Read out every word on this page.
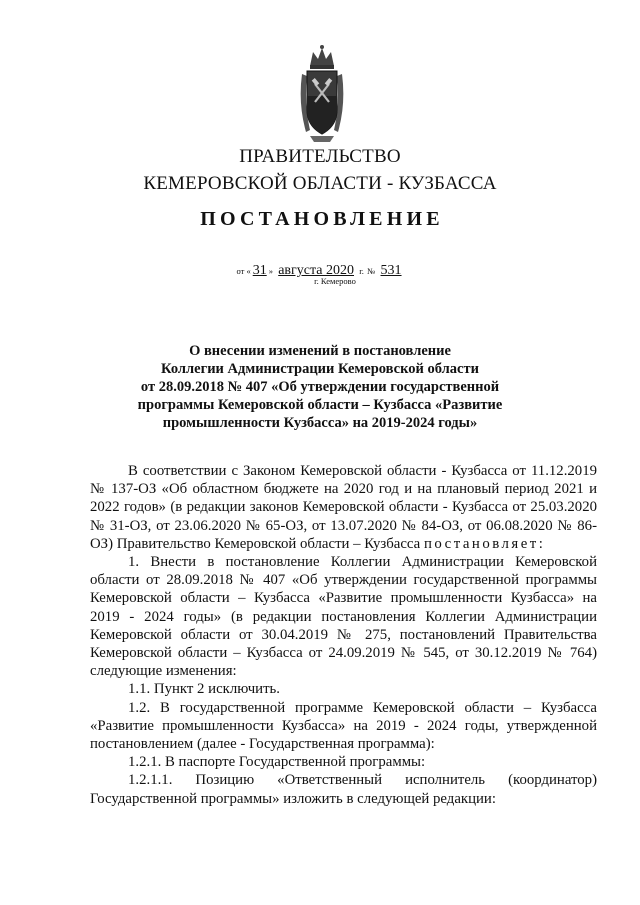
ПРАВИТЕЛЬСТВО
КЕМЕРОВСКОЙ ОБЛАСТИ - КУЗБАССА
ПОСТАНОВЛЕНИЕ
от « 31 » августа 2020 г. № 531
г. Кемерово
О внесении изменений в постановление
Коллегии Администрации Кемеровской области
от 28.09.2018 № 407 «Об утверждении государственной
программы Кемеровской области – Кузбасса «Развитие
промышленности Кузбасса» на 2019-2024 годы»

В соответствии с Законом Кемеровской области - Кузбасса от 11.12.2019 № 137-ОЗ «Об областном бюджете на 2020 год и на плановый период 2021 и 2022 годов» (в редакции законов Кемеровской области - Кузбасса от 25.03.2020 № 31-ОЗ, от 23.06.2020 № 65-ОЗ, от 13.07.2020 № 84-ОЗ, от 06.08.2020 № 86-ОЗ) Правительство Кемеровской области – Кузбасса постановляет:

1. Внести в постановление Коллегии Администрации Кемеровской области от 28.09.2018 № 407 «Об утверждении государственной программы Кемеровской области – Кузбасса «Развитие промышленности Кузбасса» на 2019 - 2024 годы» (в редакции постановления Коллегии Администрации Кемеровской области от 30.04.2019 № 275, постановлений Правительства Кемеровской области – Кузбасса от 24.09.2019 № 545, от 30.12.2019 № 764) следующие изменения:

1.1. Пункт 2 исключить.

1.2. В государственной программе Кемеровской области – Кузбасса «Развитие промышленности Кузбасса» на 2019 - 2024 годы, утвержденной постановлением (далее - Государственная программа):

1.2.1. В паспорте Государственной программы:

1.2.1.1. Позицию «Ответственный исполнитель (координатор) Государственной программы» изложить в следующей редакции:
